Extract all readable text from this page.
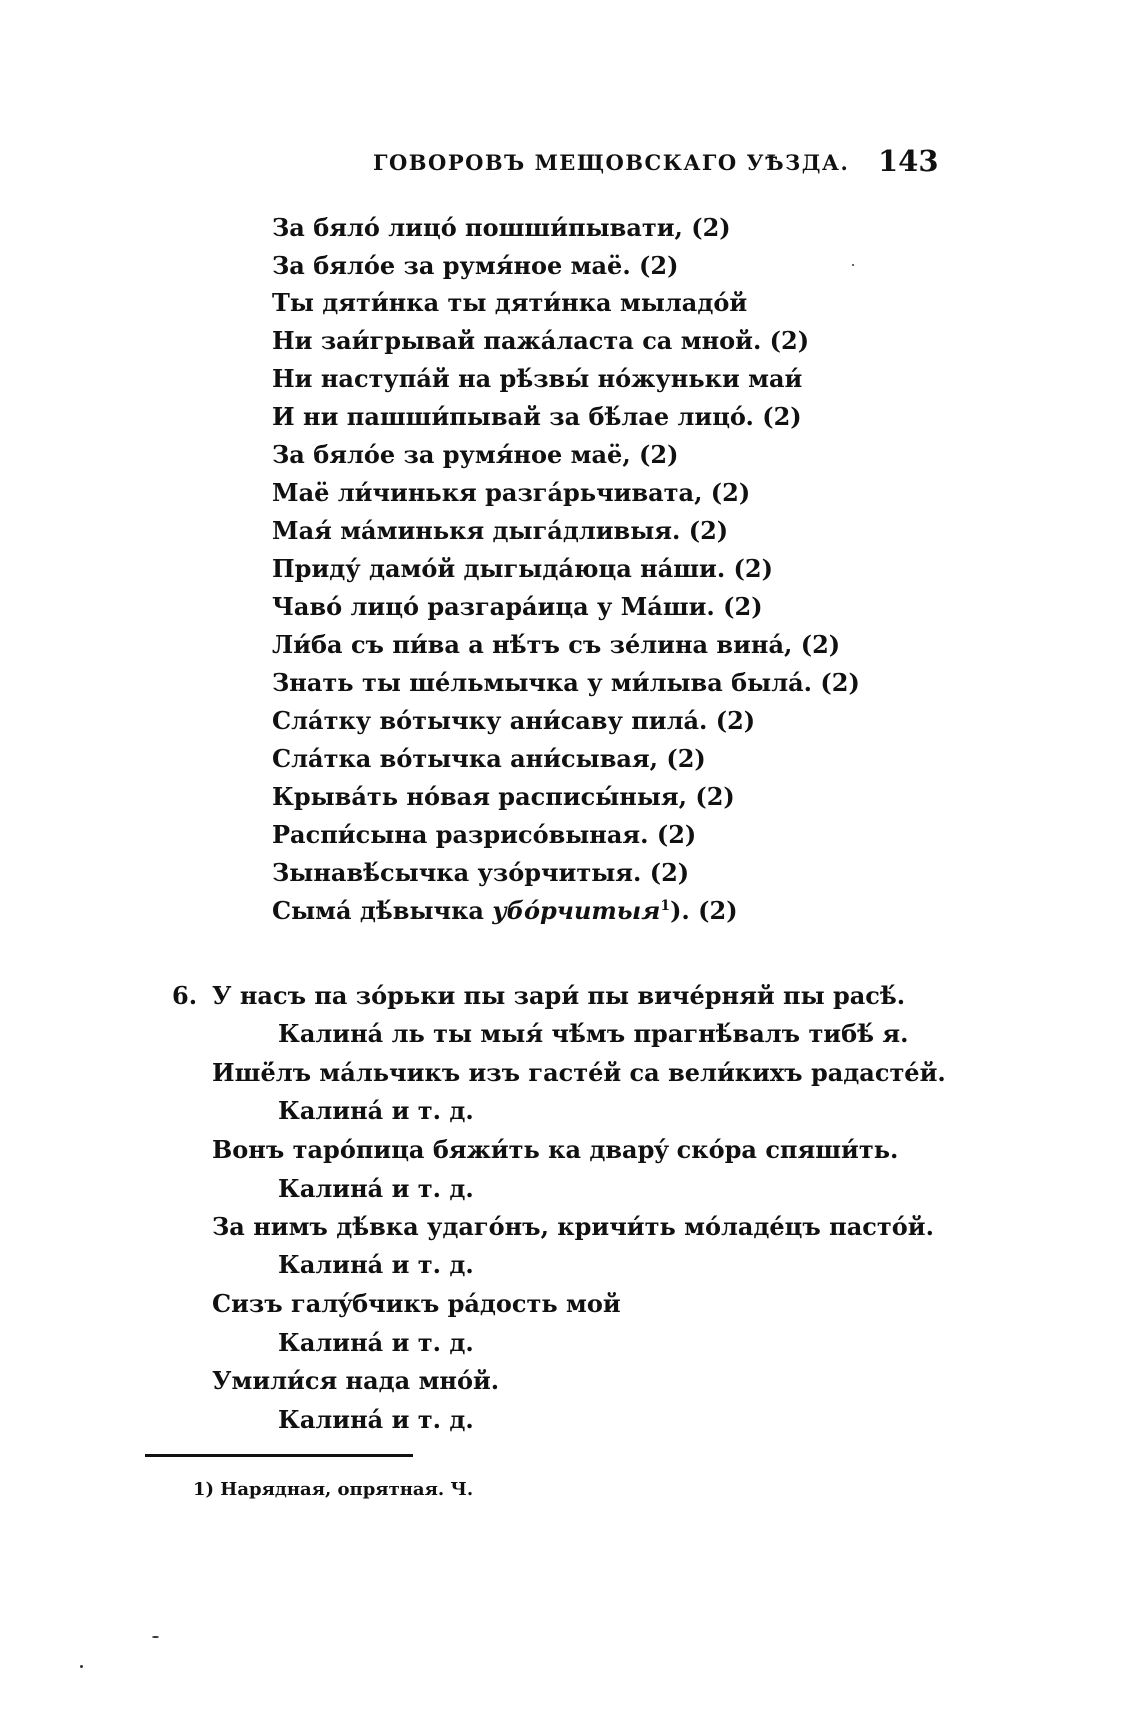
ГОВОРОВЪ МЕЩОВСКАГО УѢЗДА. 143
За бялó лицó пошши́пывати, (2)
За бялóе за румя́ное маё. (2)
Ты дяти́нка ты дяти́нка мыладóй
Ни заи́грывай пажáласта са мной. (2)
Ни наступáй на рѣ́звы́ нóжуньки маи́
И ни пашши́пывай за бѣ́лае лицó. (2)
За бялóе за румя́ное маё, (2)
Маё ли́чинькя разгáрьчивата, (2)
Мая́ мáминькя дыгáдливыя. (2)
Приду́ дамóй дыгыдáюца нáши. (2)
Чавó лицó разгарáица у Мáши. (2)
Ли́ба съ пи́ва а нѣ́тъ съ зе́лина винá, (2)
Знать ты ше́льмычка у ми́лыва былá. (2)
Слáтку вóтычку ани́саву пилá. (2)
Слáтка вóтычка ани́сывая, (2)
Крывáть нóвая расписы́ныя, (2)
Распи́сына разрисóвыная. (2)
Зынавѣ́сычка узóрчитыя. (2)
Сымá дѣ́вычка убóрчитыя$^1$). (2)
6. У насъ па зóрьки пы зари́ пы вичéрняй пы расѣ́.
Калинá ль ты мыя́ чѣ́мъ прагнѣ́валъ тибѣ́ я.
Ишё́лъ мáльчикъ изъ гастéй са вели́кихъ радастéй.
Калинá и т. д.
Вонъ тарóпица бяжи́ть ка дварý скóра спяши́ть.
Калинá и т. д.
За нимъ дѣ́вка удагóнъ, кричи́ть мóладéцъ пастóй.
Калинá и т. д.
Сизъ галýбчикъ рáдость мой
Калинá и т. д.
Умили́ся нада мнóй.
Калинá и т. д.
1) Нарядная, опрятная. Ч.
